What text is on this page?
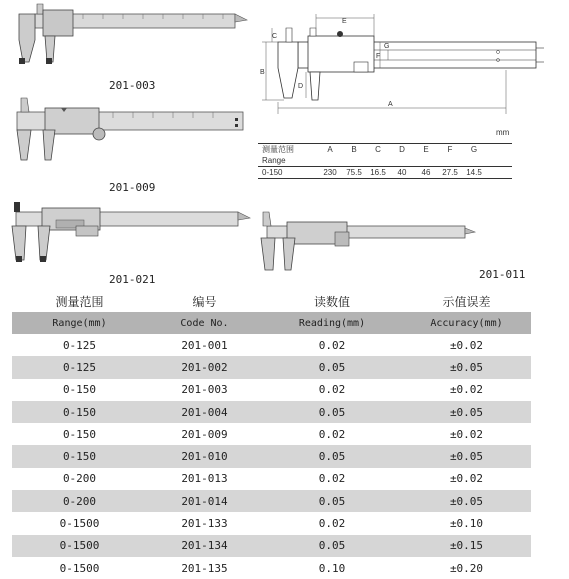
201-003
201-009
201-021	201-011
E
B
C
D
A
F
G
mm
测量范围	A	B	C	D	E	F	G
Range
0-150	230	75.5	16.5	40	46	27.5	14.5
测量范围	编号	读数值	示值误差
Range(mm)	Code No.	Reading(mm)	Accuracy(mm)
0-125	201-001	0.02	±0.02
0-125	201-002	0.05	±0.05
0-150	201-003	0.02	±0.02
0-150	201-004	0.05	±0.05
0-150	201-009	0.02	±0.02
0-150	201-010	0.05	±0.05
0-200	201-013	0.02	±0.02
0-200	201-014	0.05	±0.05
0-1500	201-133	0.02	±0.10
0-1500	201-134	0.05	±0.15
0-1500	201-135	0.10	±0.20
